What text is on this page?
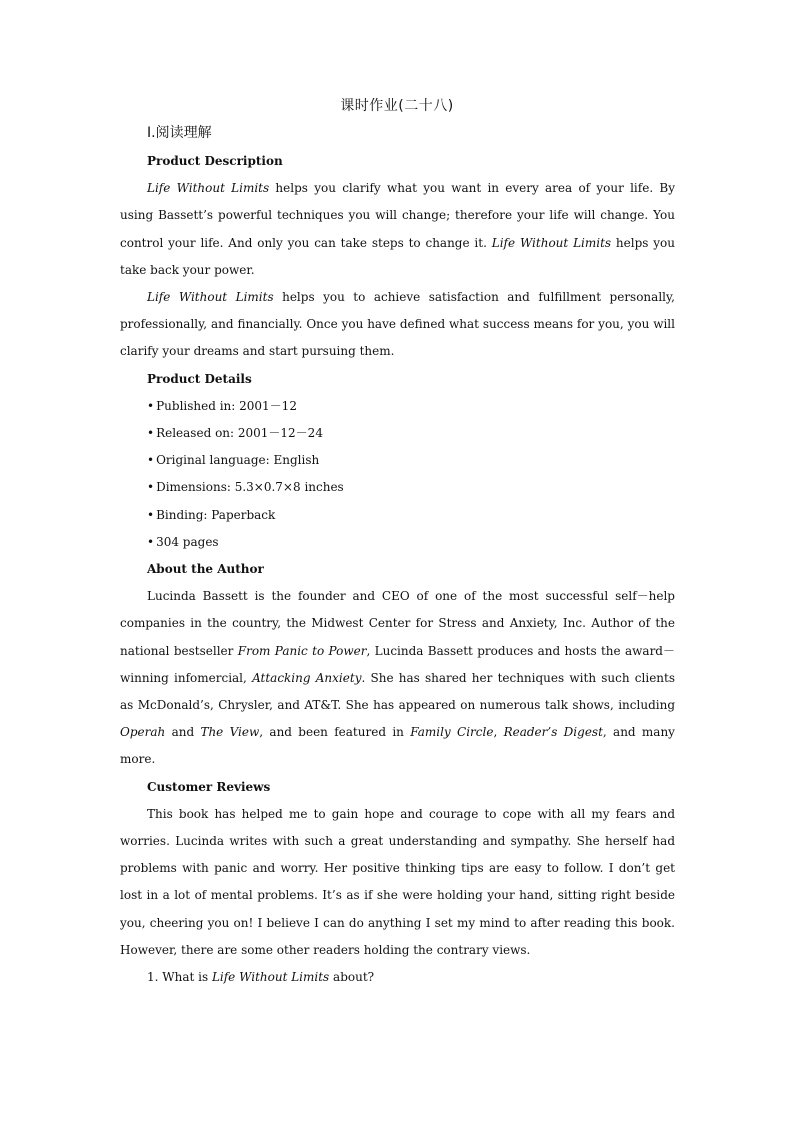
课时作业(二十八)
Ⅰ.阅读理解

Product Description

Life Without Limits helps you clarify what you want in every area of your life. By using Bassett’s powerful techniques you will change; therefore your life will change. You control your life. And only you can take steps to change it. Life Without Limits helps you take back your power.

Life Without Limits helps you to achieve satisfaction and fulfillment personally, professionally, and financially. Once you have defined what success means for you, you will clarify your dreams and start pursuing them.

Product Details

• Published in: 2001－12

• Released on: 2001－12－24

• Original language: English

• Dimensions: 5.3×0.7×8 inches

• Binding: Paperback

• 304 pages

About the Author

Lucinda Bassett is the founder and CEO of one of the most successful self－help companies in the country, the Midwest Center for Stress and Anxiety, Inc. Author of the national bestseller From Panic to Power, Lucinda Bassett produces and hosts the award－winning infomercial, Attacking Anxiety. She has shared her techniques with such clients as McDonald’s, Chrysler, and AT&T. She has appeared on numerous talk shows, including Operah and The View, and been featured in Family Circle, Reader’s Digest, and many more.

Customer Reviews

This book has helped me to gain hope and courage to cope with all my fears and worries. Lucinda writes with such a great understanding and sympathy. She herself had problems with panic and worry. Her positive thinking tips are easy to follow. I don’t get lost in a lot of mental problems. It’s as if she were holding your hand, sitting right beside you, cheering you on! I believe I can do anything I set my mind to after reading this book. However, there are some other readers holding the contrary views.

1. What is Life Without Limits about?
